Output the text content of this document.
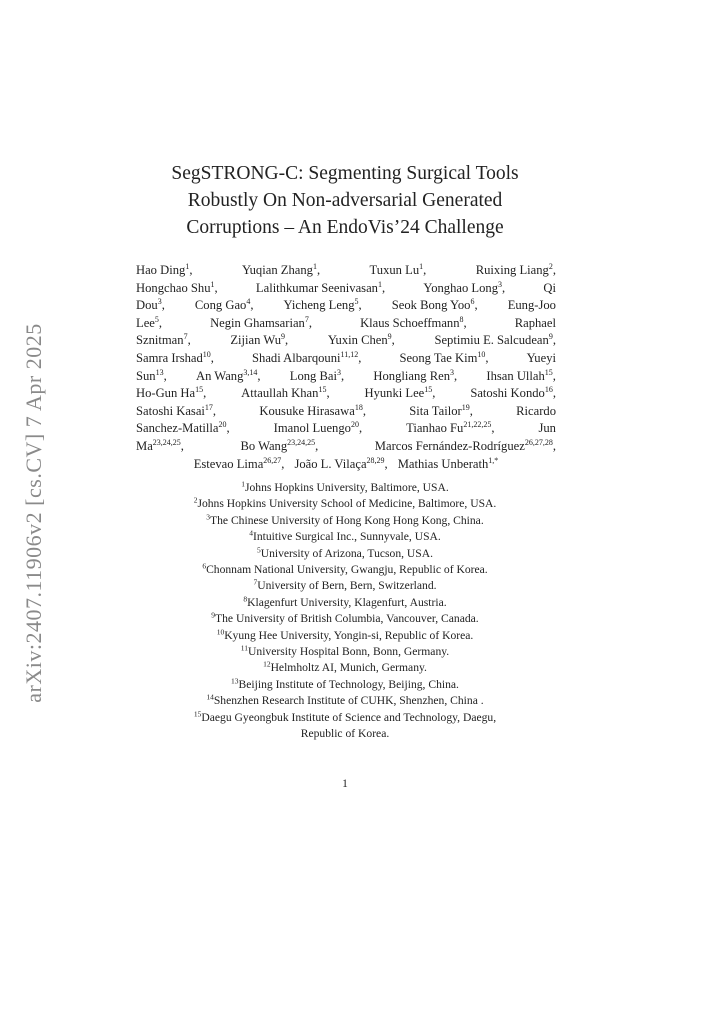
arXiv:2407.11906v2 [cs.CV] 7 Apr 2025
SegSTRONG-C: Segmenting Surgical Tools
Robustly On Non-adversarial Generated
Corruptions – An EndoVis’24 Challenge
Hao Ding$^1$,	Yuqian Zhang$^1$,	Tuxun Lu$^1$,	Ruixing Liang$^2$,
Hongchao Shu$^1$,	Lalithkumar Seenivasan$^1$,	Yonghao Long$^3$,	Qi
Dou$^3$, Cong Gao$^4$, Yicheng Leng$^5$, Seok Bong Yoo$^6$, Eung-Joo
Lee$^5$,	Negin Ghamsarian$^7$,	Klaus Schoeffmann$^8$,	Raphael
Sznitman$^7$,	Zijian Wu$^9$,	Yuxin Chen$^9$,	Septimiu E. Salcudean$^9$,
Samra Irshad$^{10}$,	Shadi Albarqouni$^{11,12}$,	Seong Tae Kim$^{10}$,	Yueyi
Sun$^{13}$, An Wang$^{3,14}$, Long Bai$^3$, Hongliang Ren$^3$, Ihsan Ullah$^{15}$,
Ho-Gun Ha$^{15}$,	Attaullah Khan$^{15}$,	Hyunki Lee$^{15}$,	Satoshi Kondo$^{16}$,
Satoshi Kasai$^{17}$,	Kousuke Hirasawa$^{18}$,	Sita Tailor$^{19}$,	Ricardo
Sanchez-Matilla$^{20}$,	Imanol Luengo$^{20}$,	Tianhao Fu$^{21,22,25}$,	Jun
Ma$^{23,24,25}$,	Bo Wang$^{23,24,25}$,	Marcos Fernández-Rodríguez$^{26,27,28}$,
Estevao Lima$^{26,27}$, João L. Vilaça$^{28,29}$, Mathias Unberath$^{1,*}$
$^1$Johns Hopkins University, Baltimore, USA.
$^2$Johns Hopkins University School of Medicine, Baltimore, USA.
$^3$The Chinese University of Hong Kong Hong Kong, China.
$^4$Intuitive Surgical Inc., Sunnyvale, USA.
$^5$University of Arizona, Tucson, USA.
$^6$Chonnam National University, Gwangju, Republic of Korea.
$^7$University of Bern, Bern, Switzerland.
$^8$Klagenfurt University, Klagenfurt, Austria.
$^9$The University of British Columbia, Vancouver, Canada.
$^{10}$Kyung Hee University, Yongin-si, Republic of Korea.
$^{11}$University Hospital Bonn, Bonn, Germany.
$^{12}$Helmholtz AI, Munich, Germany.
$^{13}$Beijing Institute of Technology, Beijing, China.
$^{14}$Shenzhen Research Institute of CUHK, Shenzhen, China .
$^{15}$Daegu Gyeongbuk Institute of Science and Technology, Daegu,
Republic of Korea.
1
